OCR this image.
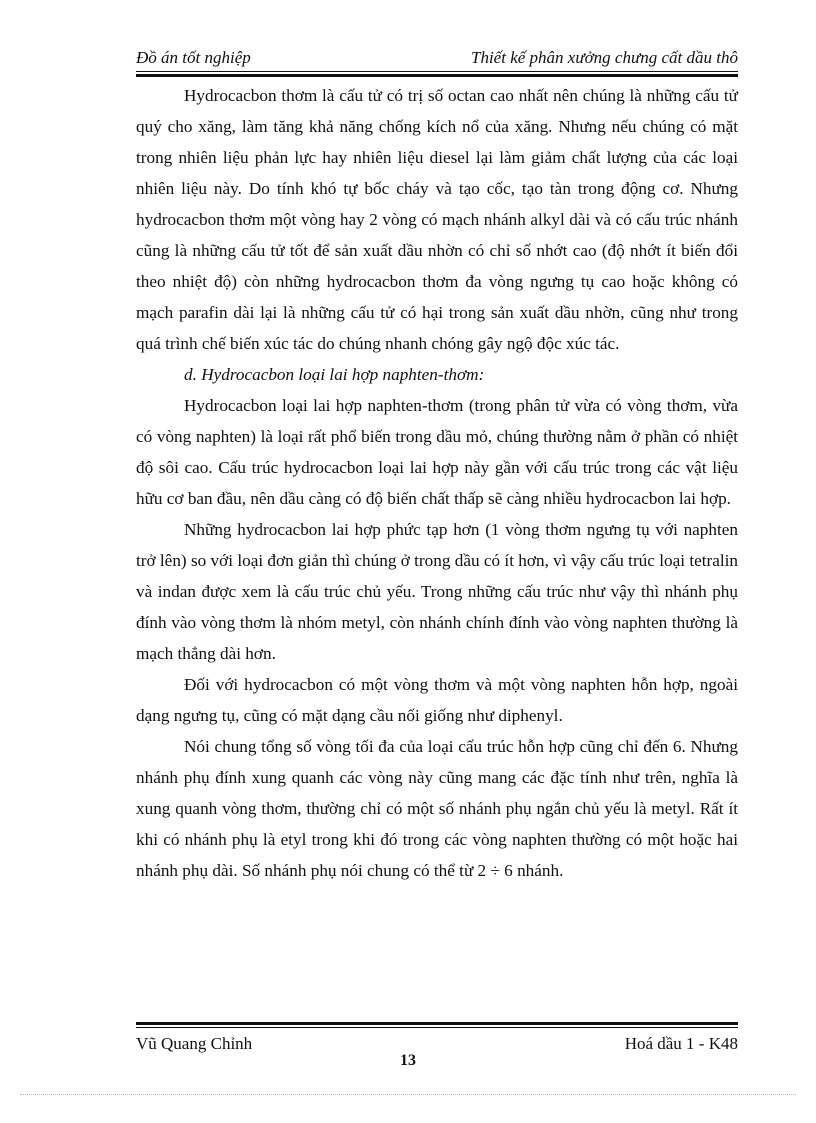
Đồ án tốt nghiệp	Thiết kế phân xưởng chưng cất dầu thô

Hydrocacbon thơm là cấu tử có trị số octan cao nhất nên chúng là những cấu tử quý cho xăng, làm tăng khả năng chống kích nổ của xăng. Nhưng nếu chúng có mặt trong nhiên liệu phản lực hay nhiên liệu diesel lại làm giảm chất lượng của các loại nhiên liệu này. Do tính khó tự bốc cháy và tạo cốc, tạo tàn trong động cơ. Nhưng hydrocacbon thơm một vòng hay 2 vòng có mạch nhánh alkyl dài và có cấu trúc nhánh cũng là những cấu tử tốt để sản xuất dầu nhờn có chỉ số nhớt cao (độ nhớt ít biến đổi theo nhiệt độ) còn những hydrocacbon thơm đa vòng ngưng tụ cao hoặc không có mạch parafin dài lại là những cấu tử có hại trong sản xuất dầu nhờn, cũng như trong quá trình chế biến xúc tác do chúng nhanh chóng gây ngộ độc xúc tác.

d. Hydrocacbon loại lai hợp naphten-thơm:

Hydrocacbon loại lai hợp naphten-thơm (trong phân tử vừa có vòng thơm, vừa có vòng naphten) là loại rất phổ biến trong dầu mỏ, chúng thường nằm ở phần có nhiệt độ sôi cao. Cấu trúc hydrocacbon loại lai hợp này gần với cấu trúc trong các vật liệu hữu cơ ban đầu, nên dầu càng có độ biến chất thấp sẽ càng nhiều hydrocacbon lai hợp.

Những hydrocacbon lai hợp phức tạp hơn (1 vòng thơm ngưng tụ với naphten trở lên) so với loại đơn giản thì chúng ở trong dầu có ít hơn, vì vậy cấu trúc loại tetralin và indan được xem là cấu trúc chủ yếu. Trong những cấu trúc như vậy thì nhánh phụ đính vào vòng thơm là nhóm metyl, còn nhánh chính đính vào vòng naphten thường là mạch thẳng dài hơn.

Đối với hydrocacbon có một vòng thơm và một vòng naphten hỗn hợp, ngoài dạng ngưng tụ, cũng có mặt dạng cầu nối giống như diphenyl.

Nói chung tổng số vòng tối đa của loại cấu trúc hỗn hợp cũng chỉ đến 6. Nhưng nhánh phụ đính xung quanh các vòng này cũng mang các đặc tính như trên, nghĩa là xung quanh vòng thơm, thường chỉ có một số nhánh phụ ngắn chủ yếu là metyl. Rất ít khi có nhánh phụ là etyl trong khi đó trong các vòng naphten thường có một hoặc hai nhánh phụ dài. Số nhánh phụ nói chung có thể từ 2 ÷ 6 nhánh.

Vũ Quang Chỉnh	Hoá dầu 1 - K48
13
